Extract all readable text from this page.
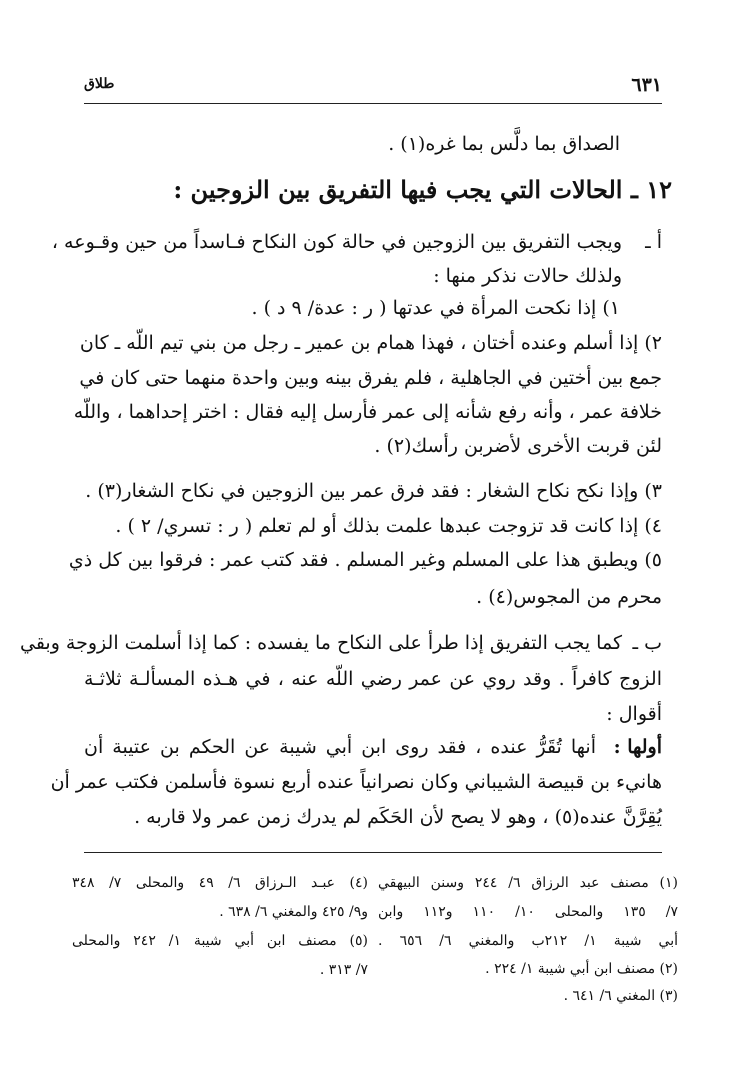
٦٣١
طلاق
الصداق بما دلَّس بما غره(١) .
١٢ ـ الحالات التي يجب فيها التفريق بين الزوجين :
أ ـ
ويجب التفريق بين الزوجين في حالة كون النكاح فـاسداً من حين وقـوعه ،
ولذلك حالات نذكر منها :
١) إذا نكحت المرأة في عدتها ( ر : عدة/ ٩ د ) .
٢) إذا أسلم وعنده أختان ، فهذا همام بن عمير ـ رجل من بني تيم اللّه ـ كان
جمع بين أختين في الجاهلية ، فلم يفرق بينه وبين واحدة منهما حتى كان في
خلافة عمر ، وأنه رفع شأنه إلى عمر فأرسل إليه فقال : اختر إحداهما ، واللّه
لئن قربت الأخرى لأضربن رأسك(٢) .
٣) وإذا نكح نكاح الشغار : فقد فرق عمر بين الزوجين في نكاح الشغار(٣) .
٤) إذا كانت قد تزوجت عبدها علمت بذلك أو لم تعلم ( ر : تسري/ ٢ ) .
٥) ويطبق هذا على المسلم وغير المسلم . فقد كتب عمر : فرقوا بين كل ذي
محرم من المجوس(٤) .
ب ـ
كما يجب التفريق إذا طرأ على النكاح ما يفسده : كما إذا أسلمت الزوجة وبقي
الزوج كافراً . وقد روي عن عمر رضي اللّه عنه ، في هـذه المسألـة ثلاثـة
أقوال :
أولها :
أنها تُقَرُّ عنده ، فقد روى ابن أبي شيبة عن الحكم بن عتيبة أن
هانيء بن قبيصة الشيباني وكان نصرانياً عنده أربع نسوة فأسلمن فكتب عمر أن
يُقِرَّنَّ عنده(٥) ، وهو لا يصح لأن الحَكَم لم يدرك زمن عمر ولا قاربه .
(١) مصنف عبد الرزاق ٦/ ٢٤٤ وسنن البيهقي
٧/ ١٣٥ والمحلى ١٠/ ١١٠ و١١٢ وابن
أبي شيبة ١/ ٢١٢ب والمغني ٦/ ٦٥٦ .
(٢) مصنف ابن أبي شيبة ١/ ٢٢٤ .
(٣) المغني ٦/ ٦٤١ .
(٤) عبـد الـرزاق ٦/ ٤٩ والمحلى ٧/ ٣٤٨
و٩/ ٤٢٥ والمغني ٦/ ٦٣٨ .
(٥) مصنف ابن أبي شيبة ١/ ٢٤٢ والمحلى
٧/ ٣١٣ .
